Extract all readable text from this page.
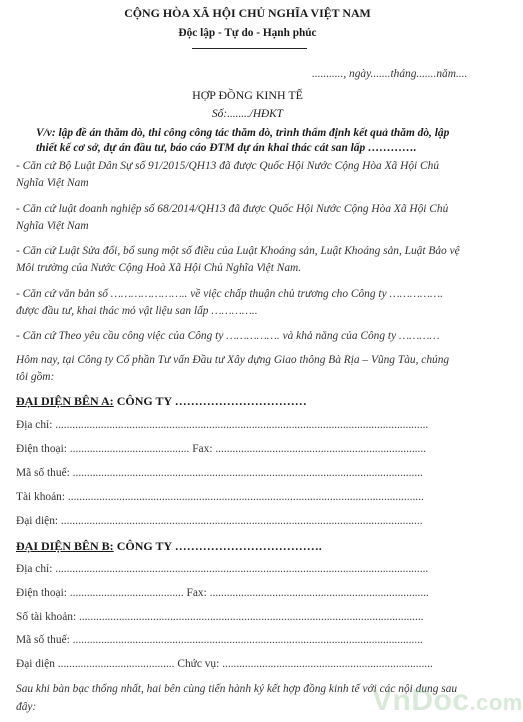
CỘNG HÒA XÃ HỘI CHỦ NGHĨA VIỆT NAM
Độc lập - Tự do - Hạnh phúc
..........., ngày.......tháng.......năm....
HỢP ĐỒNG KINH TẾ
Số:......../HĐKT
V/v: lập đề án thăm dò, thi công công tác thăm dò, trình thẩm định kết quả thăm dò, lập
thiết kế cơ sở, dự án đầu tư, báo cáo ĐTM dự án khai thác cát san lấp ………….
- Căn cứ Bộ Luật Dân Sự số 91/2015/QH13 đã được Quốc Hội Nước Cộng Hòa Xã Hội Chủ
Nghĩa Việt Nam
- Căn cứ luật doanh nghiệp số 68/2014/QH13 đã được Quốc Hội Nước Cộng Hòa Xã Hội Chủ
Nghĩa Việt Nam
- Căn cứ Luật Sửa đổi, bổ sung một số điều của Luật Khoáng sản, Luật Khoáng sản, Luật Bảo vệ
Môi trường của Nước Cộng Hoà Xã Hội Chủ Nghĩa Việt Nam.
- Căn cứ văn bản số ………………….. về việc chấp thuận chủ trương cho Công ty …………….
được đầu tư, khai thác mỏ vật liệu san lấp …………..
- Căn cứ Theo yêu cầu công việc của Công ty ……………. và khả năng của Công ty …………
Hôm nay, tại Công ty Cổ phần Tư vấn Đầu tư Xây dựng Giao thông Bà Rịa – Vũng Tàu, chúng
tôi gồm:
ĐẠI DIỆN BÊN A: CÔNG TY ……………………………
Địa chỉ: ...................................................................................................................................
Điện thoại: .......................................... Fax: ..........................................................................
Mã số thuế: ...........................................................................................................................
Tài khoản: .............................................................................................................................
Đại diện: ...............................................................................................................................
ĐẠI DIỆN BÊN B: CÔNG TY ……………………………….
Địa chỉ: ...................................................................................................................................
Điện thoại: ........................................ Fax: .............................................................................
Số tài khoản: .........................................................................................................................
Mã số thuế: ...........................................................................................................................
Đại diện ......................................... Chức vụ: ..........................................................................
Sau khi bàn bạc thống nhất, hai bên cùng tiến hành ký kết hợp đồng kinh tế với các nội dung sau
đây:	VnDoc.com
